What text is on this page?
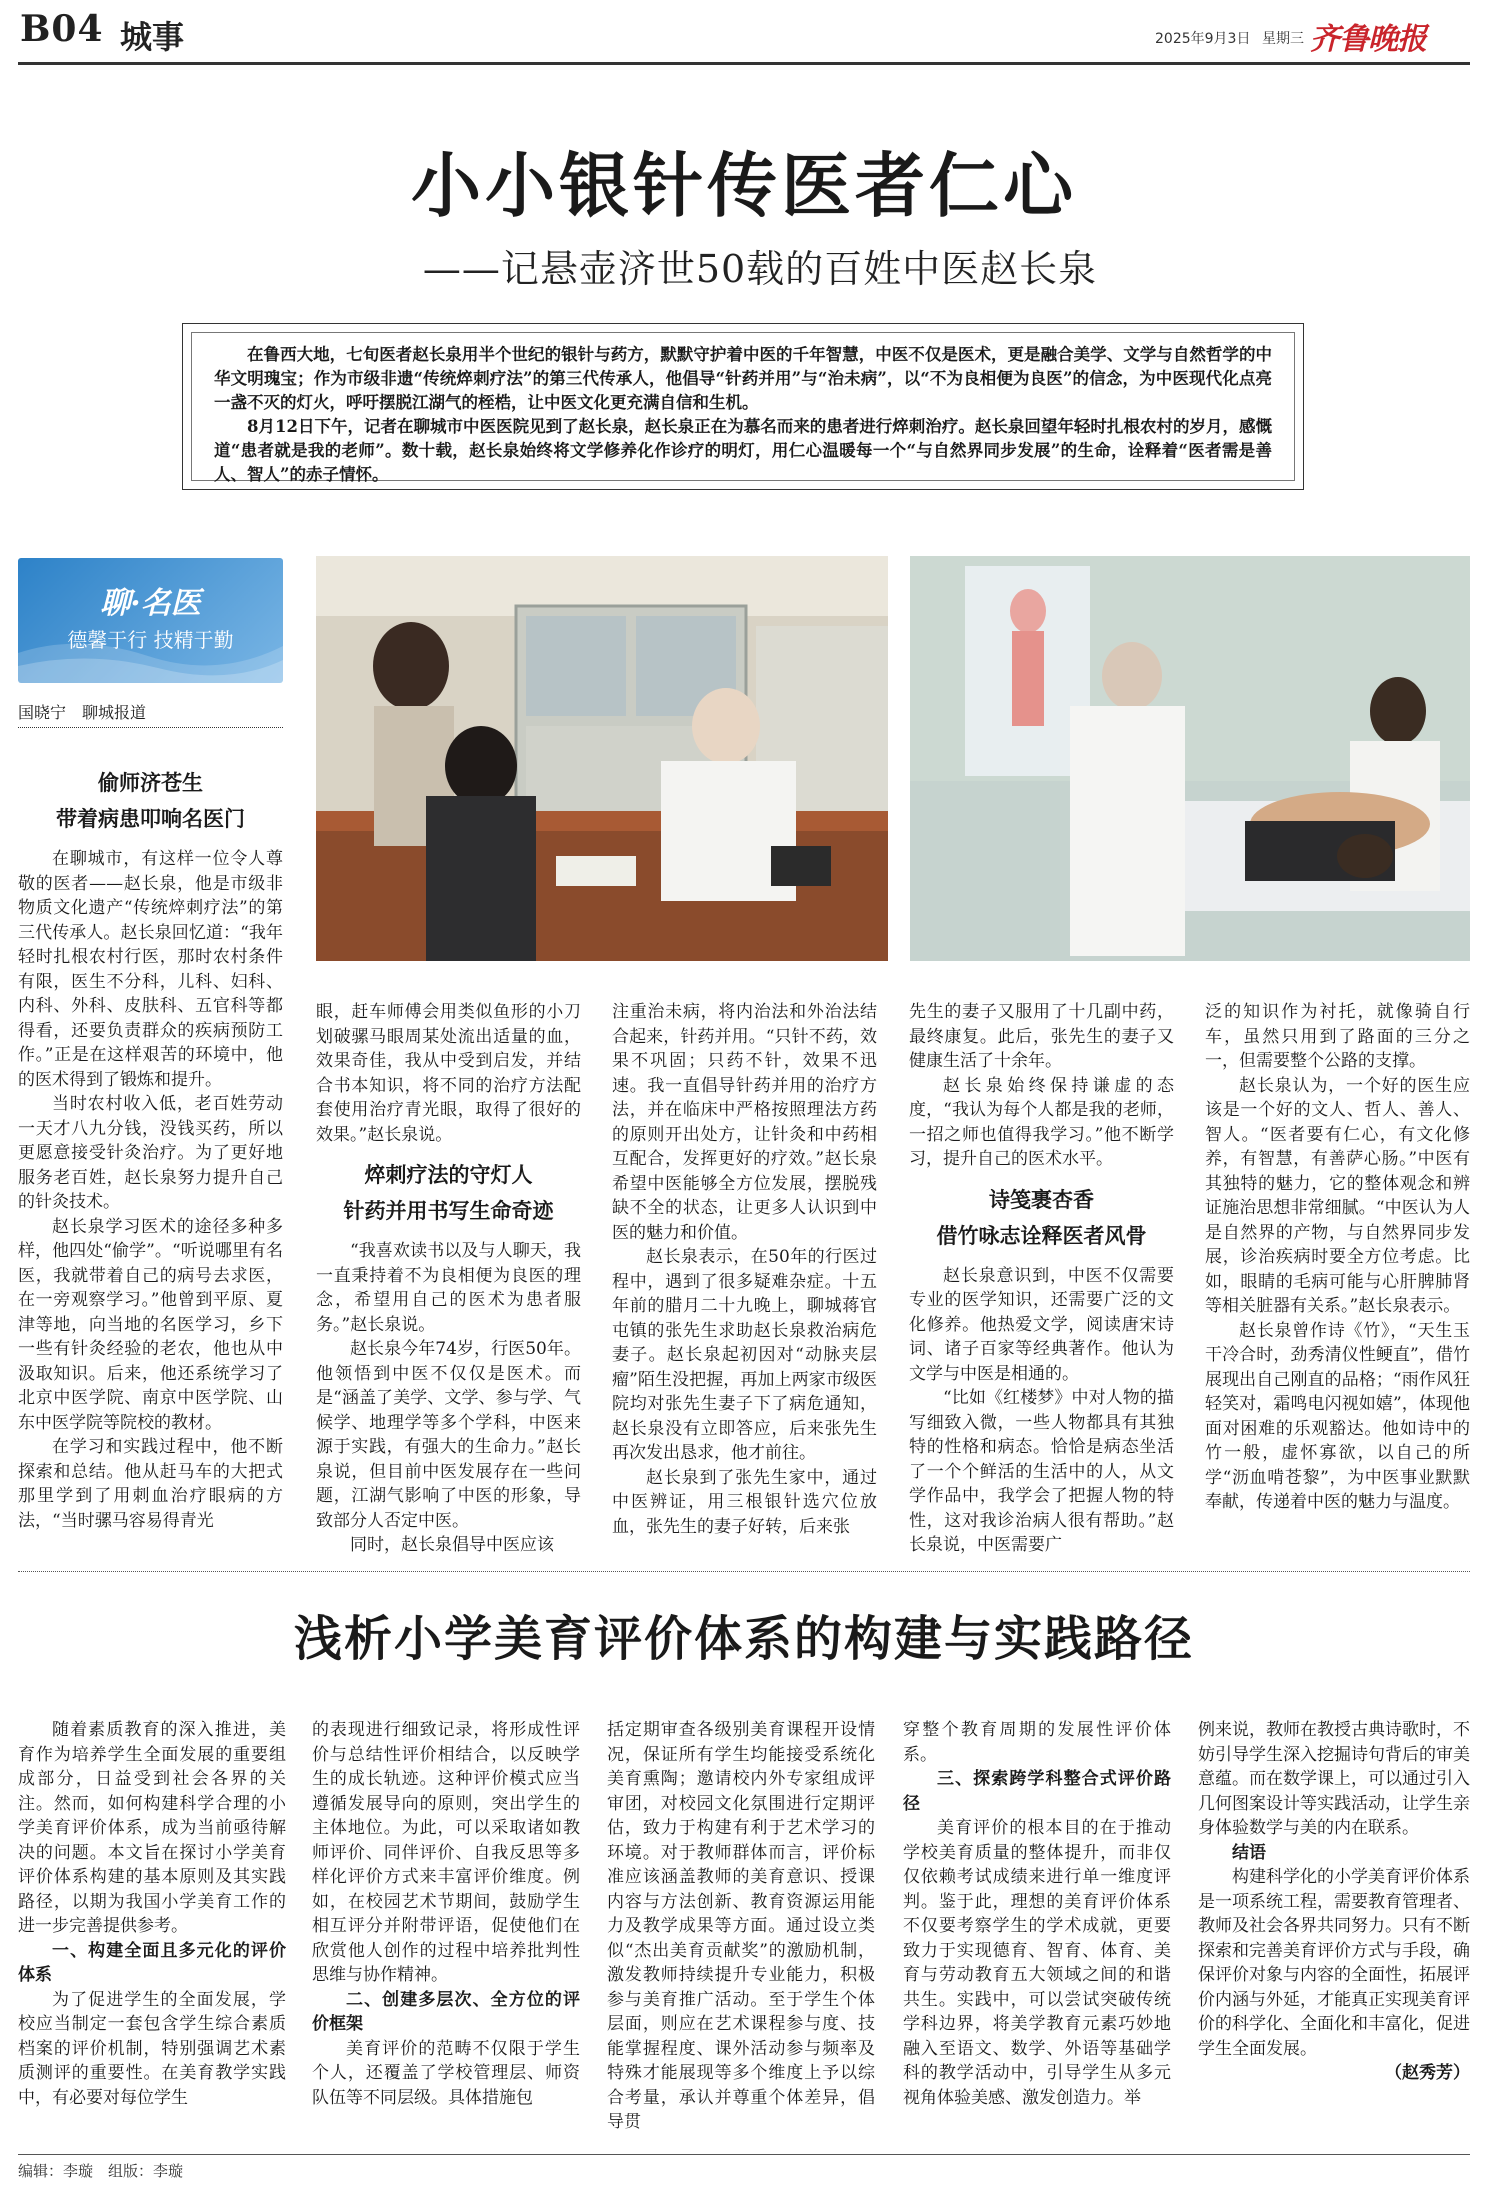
B04 城事	2025年9月3日 星期三 齐鲁晚报
小小银针传医者仁心
——记悬壶济世50载的百姓中医赵长泉

在鲁西大地，七旬医者赵长泉用半个世纪的银针与药方，默默守护着中医的千年智慧，中医不仅是医术，更是融合美学、文学与自然哲学的中华文明瑰宝；作为市级非遗“传统焠刺疗法”的第三代传承人，他倡导“针药并用”与“治未病”，以“不为良相便为良医”的信念，为中医现代化点亮一盏不灭的灯火，呼吁摆脱江湖气的桎梏，让中医文化更充满自信和生机。

8月12日下午，记者在聊城市中医医院见到了赵长泉，赵长泉正在为慕名而来的患者进行焠刺治疗。赵长泉回望年轻时扎根农村的岁月，感慨道“患者就是我的老师”。数十载，赵长泉始终将文学修养化作诊疗的明灯，用仁心温暖每一个“与自然界同步发展”的生命，诠释着“医者需是善人、智人”的赤子情怀。

聊·名医
德馨于行 技精于勤
国晓宁　聊城报道
偷师济苍生
带着病患叩响名医门

在聊城市，有这样一位令人尊敬的医者——赵长泉，他是市级非物质文化遗产“传统焠刺疗法”的第三代传承人。赵长泉回忆道：“我年轻时扎根农村行医，那时农村条件有限，医生不分科，儿科、妇科、内科、外科、皮肤科、五官科等都得看，还要负责群众的疾病预防工作。”正是在这样艰苦的环境中，他的医术得到了锻炼和提升。

当时农村收入低，老百姓劳动一天才八九分钱，没钱买药，所以更愿意接受针灸治疗。为了更好地服务老百姓，赵长泉努力提升自己的针灸技术。

赵长泉学习医术的途径多种多样，他四处“偷学”。“听说哪里有名医，我就带着自己的病号去求医，在一旁观察学习。”他曾到平原、夏津等地，向当地的名医学习，乡下一些有针灸经验的老农，他也从中汲取知识。后来，他还系统学习了北京中医学院、南京中医学院、山东中医学院等院校的教材。

在学习和实践过程中，他不断探索和总结。他从赶马车的大把式那里学到了用刺血治疗眼病的方法，“当时骡马容易得青光

眼，赶车师傅会用类似鱼形的小刀划破骡马眼周某处流出适量的血，效果奇佳，我从中受到启发，并结合书本知识，将不同的治疗方法配套使用治疗青光眼，取得了很好的效果。”赵长泉说。

焠刺疗法的守灯人
针药并用书写生命奇迹

“我喜欢读书以及与人聊天，我一直秉持着不为良相便为良医的理念，希望用自己的医术为患者服务。”赵长泉说。

赵长泉今年74岁，行医50年。他领悟到中医不仅仅是医术。而是“涵盖了美学、文学、参与学、气候学、地理学等多个学科，中医来源于实践，有强大的生命力。”赵长泉说，但目前中医发展存在一些问题，江湖气影响了中医的形象，导致部分人否定中医。

同时，赵长泉倡导中医应该

注重治未病，将内治法和外治法结合起来，针药并用。“只针不药，效果不巩固；只药不针，效果不迅速。我一直倡导针药并用的治疗方法，并在临床中严格按照理法方药的原则开出处方，让针灸和中药相互配合，发挥更好的疗效。”赵长泉希望中医能够全方位发展，摆脱残缺不全的状态，让更多人认识到中医的魅力和价值。

赵长泉表示，在50年的行医过程中，遇到了很多疑难杂症。十五年前的腊月二十九晚上，聊城蒋官屯镇的张先生求助赵长泉救治病危妻子。赵长泉起初因对“动脉夹层瘤”陌生没把握，再加上两家市级医院均对张先生妻子下了病危通知，赵长泉没有立即答应，后来张先生再次发出恳求，他才前往。

赵长泉到了张先生家中，通过中医辨证，用三根银针选穴位放血，张先生的妻子好转，后来张

先生的妻子又服用了十几副中药，最终康复。此后，张先生的妻子又健康生活了十余年。

赵长泉始终保持谦虚的态度，“我认为每个人都是我的老师，一招之师也值得我学习。”他不断学习，提升自己的医术水平。

诗笺裹杏香
借竹咏志诠释医者风骨

赵长泉意识到，中医不仅需要专业的医学知识，还需要广泛的文化修养。他热爱文学，阅读唐宋诗词、诸子百家等经典著作。他认为文学与中医是相通的。

“比如《红楼梦》中对人物的描写细致入微，一些人物都具有其独特的性格和病态。恰恰是病态坐活了一个个鲜活的生活中的人，从文学作品中，我学会了把握人物的特性，这对我诊治病人很有帮助。”赵长泉说，中医需要广

泛的知识作为衬托，就像骑自行车，虽然只用到了路面的三分之一，但需要整个公路的支撑。

赵长泉认为，一个好的医生应该是一个好的文人、哲人、善人、智人。“医者要有仁心，有文化修养，有智慧，有善萨心肠。”中医有其独特的魅力，它的整体观念和辨证施治思想非常细腻。“中医认为人是自然界的产物，与自然界同步发展，诊治疾病时要全方位考虑。比如，眼睛的毛病可能与心肝脾肺肾等相关脏器有关系。”赵长泉表示。

赵长泉曾作诗《竹》，“天生玉干冷合时，劲秀清仪性鲠直”，借竹展现出自己刚直的品格；“雨作风狂轻笑对，霜鸣电闪视如嬉”，体现他面对困难的乐观豁达。他如诗中的竹一般，虚怀寡欲，以自己的所学“沥血啃苍黎”，为中医事业默默奉献，传递着中医的魅力与温度。

浅析小学美育评价体系的构建与实践路径

随着素质教育的深入推进，美育作为培养学生全面发展的重要组成部分，日益受到社会各界的关注。然而，如何构建科学合理的小学美育评价体系，成为当前亟待解决的问题。本文旨在探讨小学美育评价体系构建的基本原则及其实践路径，以期为我国小学美育工作的进一步完善提供参考。

一、构建全面且多元化的评价体系

为了促进学生的全面发展，学校应当制定一套包含学生综合素质档案的评价机制，特别强调艺术素质测评的重要性。在美育教学实践中，有必要对每位学生

的表现进行细致记录，将形成性评价与总结性评价相结合，以反映学生的成长轨迹。这种评价模式应当遵循发展导向的原则，突出学生的主体地位。为此，可以采取诸如教师评价、同伴评价、自我反思等多样化评价方式来丰富评价维度。例如，在校园艺术节期间，鼓励学生相互评分并附带评语，促使他们在欣赏他人创作的过程中培养批判性思维与协作精神。

二、创建多层次、全方位的评价框架

美育评价的范畴不仅限于学生个人，还覆盖了学校管理层、师资队伍等不同层级。具体措施包

括定期审查各级别美育课程开设情况，保证所有学生均能接受系统化美育熏陶；邀请校内外专家组成评审团，对校园文化氛围进行定期评估，致力于构建有利于艺术学习的环境。对于教师群体而言，评价标准应该涵盖教师的美育意识、授课内容与方法创新、教育资源运用能力及教学成果等方面。通过设立类似“杰出美育贡献奖”的激励机制，激发教师持续提升专业能力，积极参与美育推广活动。至于学生个体层面，则应在艺术课程参与度、技能掌握程度、课外活动参与频率及特殊才能展现等多个维度上予以综合考量，承认并尊重个体差异，倡导贯

穿整个教育周期的发展性评价体系。

三、探索跨学科整合式评价路径

美育评价的根本目的在于推动学校美育质量的整体提升，而非仅仅依赖考试成绩来进行单一维度评判。鉴于此，理想的美育评价体系不仅要考察学生的学术成就，更要致力于实现德育、智育、体育、美育与劳动教育五大领域之间的和谐共生。实践中，可以尝试突破传统学科边界，将美学教育元素巧妙地融入至语文、数学、外语等基础学科的教学活动中，引导学生从多元视角体验美感、激发创造力。举

例来说，教师在教授古典诗歌时，不妨引导学生深入挖掘诗句背后的审美意蕴。而在数学课上，可以通过引入几何图案设计等实践活动，让学生亲身体验数学与美的内在联系。

结语

构建科学化的小学美育评价体系是一项系统工程，需要教育管理者、教师及社会各界共同努力。只有不断探索和完善美育评价方式与手段，确保评价对象与内容的全面性，拓展评价内涵与外延，才能真正实现美育评价的科学化、全面化和丰富化，促进学生全面发展。

（赵秀芳）
编辑：李璇　组版：李璇
